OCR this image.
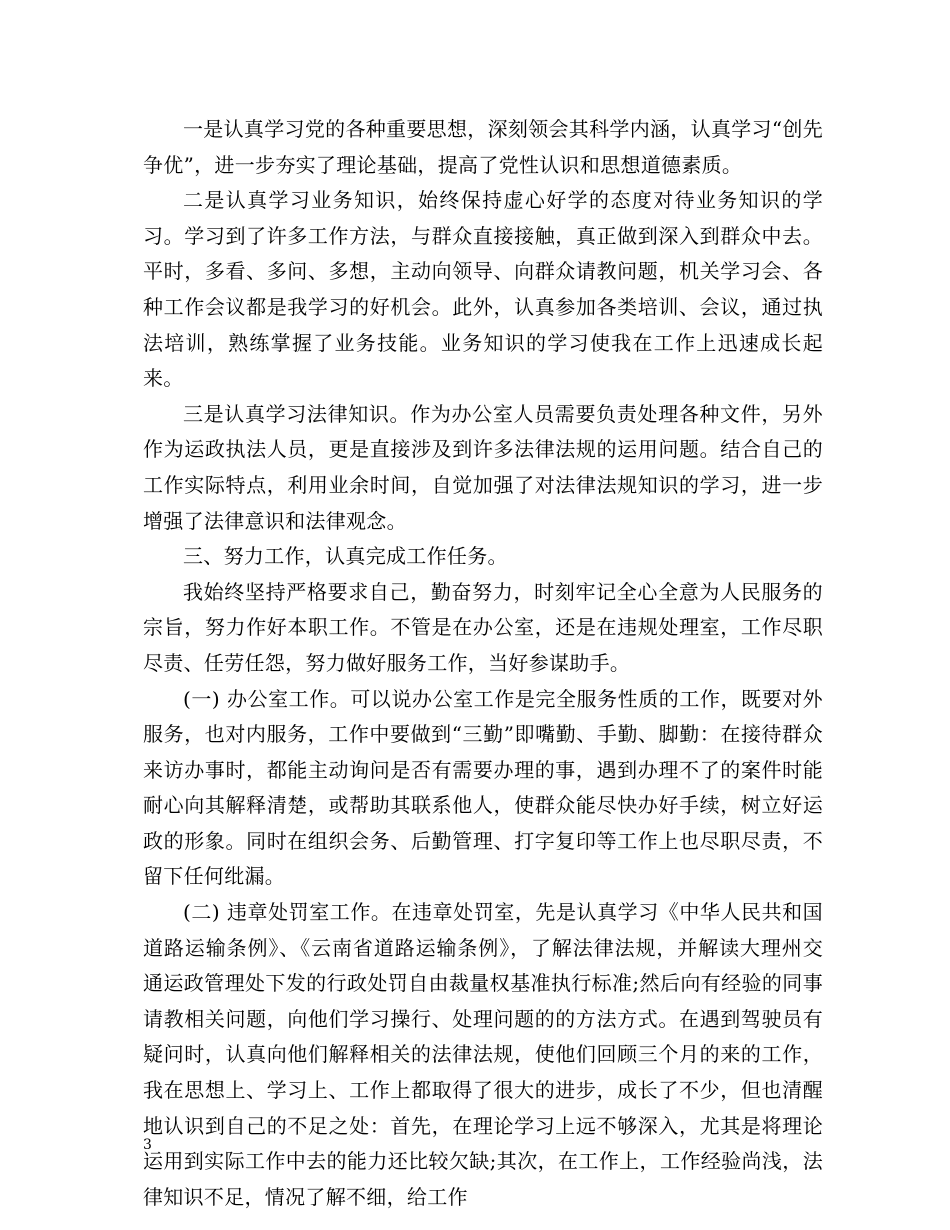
一是认真学习党的各种重要思想，深刻领会其科学内涵，认真学习“创先争优”，进一步夯实了理论基础，提高了党性认识和思想道德素质。

二是认真学习业务知识，始终保持虚心好学的态度对待业务知识的学习。学习到了许多工作方法，与群众直接接触，真正做到深入到群众中去。平时，多看、多问、多想，主动向领导、向群众请教问题，机关学习会、各种工作会议都是我学习的好机会。此外，认真参加各类培训、会议，通过执法培训，熟练掌握了业务技能。业务知识的学习使我在工作上迅速成长起来。

三是认真学习法律知识。作为办公室人员需要负责处理各种文件，另外作为运政执法人员，更是直接涉及到许多法律法规的运用问题。结合自己的工作实际特点，利用业余时间，自觉加强了对法律法规知识的学习，进一步增强了法律意识和法律观念。

三、努力工作，认真完成工作任务。

我始终坚持严格要求自己，勤奋努力，时刻牢记全心全意为人民服务的宗旨，努力作好本职工作。不管是在办公室，还是在违规处理室，工作尽职尽责、任劳任怨，努力做好服务工作，当好参谋助手。

(一) 办公室工作。可以说办公室工作是完全服务性质的工作，既要对外服务，也对内服务，工作中要做到“三勤”即嘴勤、手勤、脚勤：在接待群众来访办事时，都能主动询问是否有需要办理的事，遇到办理不了的案件时能耐心向其解释清楚，或帮助其联系他人，使群众能尽快办好手续，树立好运政的形象。同时在组织会务、后勤管理、打字复印等工作上也尽职尽责，不留下任何纰漏。

(二) 违章处罚室工作。在违章处罚室，先是认真学习《中华人民共和国道路运输条例》、《云南省道路运输条例》，了解法律法规，并解读大理州交通运政管理处下发的行政处罚自由裁量权基准执行标准;然后向有经验的同事请教相关问题，向他们学习操行、处理问题的的方法方式。在遇到驾驶员有疑问时，认真向他们解释相关的法律法规，使他们回顾三个月的来的工作，我在思想上、学习上、工作上都取得了很大的进步，成长了不少，但也清醒地认识到自己的不足之处：首先，在理论学习上远不够深入，尤其是将理论运用到实际工作中去的能力还比较欠缺;其次，在工作上，工作经验尚浅，法律知识不足，情况了解不细，给工作

3
